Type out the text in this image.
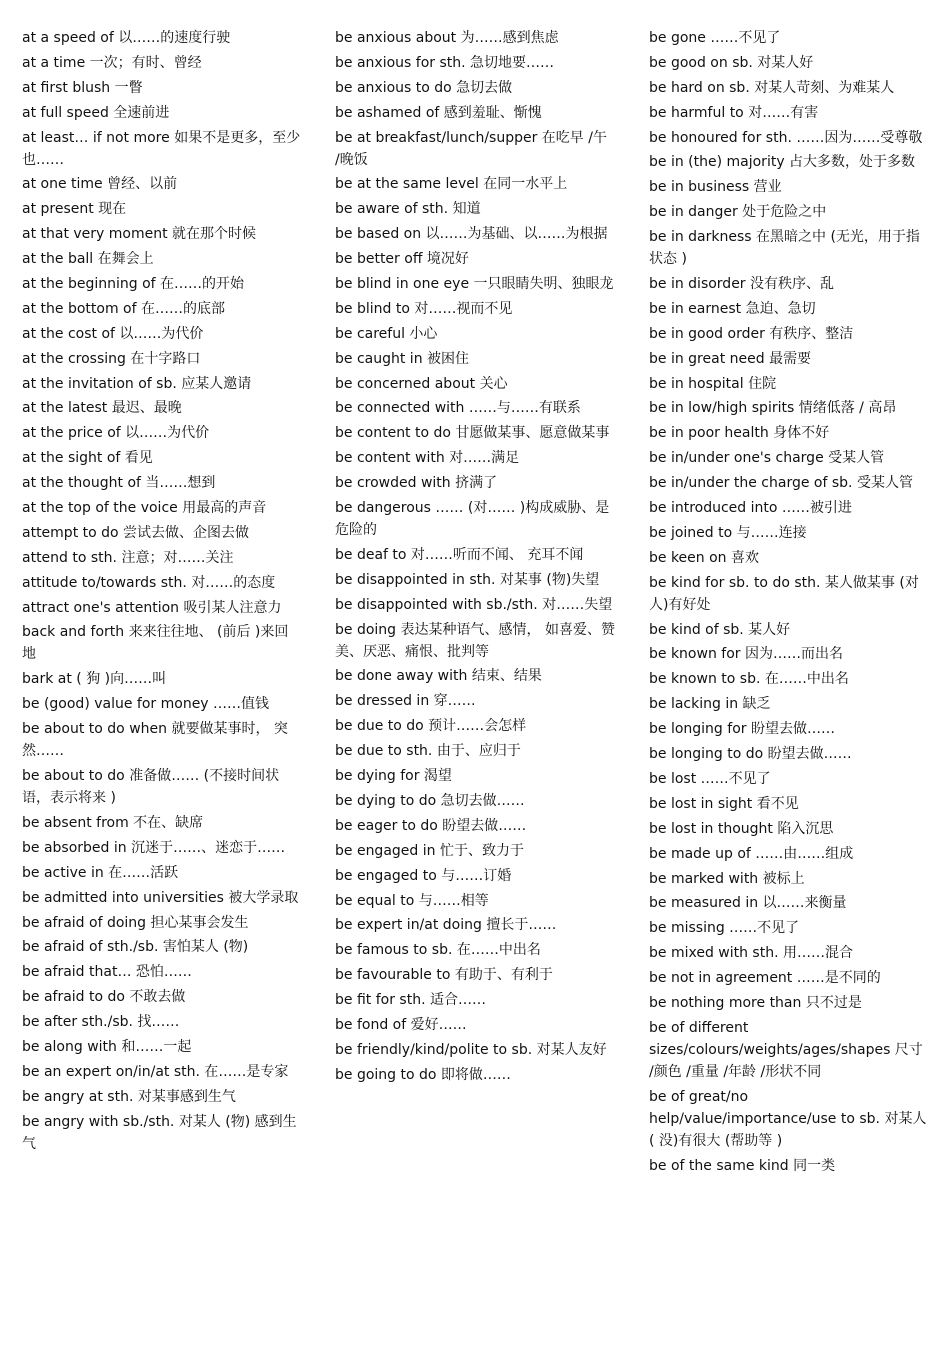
at a speed of 以……的速度行驶
at a time 一次；有时、曾经
at first blush 一瞥
at full speed 全速前进
at least… if not more 如果不是更多，至少也……
at one time 曾经、以前
at present 现在
at that very moment 就在那个时候
at the ball 在舞会上
at the beginning of 在……的开始
at the bottom of 在……的底部
at the cost of 以……为代价
at the crossing 在十字路口
at the invitation of sb. 应某人邀请
at the latest 最迟、最晚
at the price of 以……为代价
at the sight of 看见
at the thought of 当……想到
at the top of the voice 用最高的声音
attempt to do 尝试去做、企图去做
attend to sth. 注意；对……关注
attitude to/towards sth. 对……的态度
attract one's attention 吸引某人注意力
back and forth 来来往往地、 (前后 )来回地
bark at ( 狗 )向……叫
be (good) value for money ……值钱
be about to do when 就要做某事时， 突然……
be about to do 准备做…… (不接时间状语，表示将来 )
be absent from 不在、缺席
be absorbed in 沉迷于……、迷恋于……
be active in 在……活跃
be admitted into universities 被大学录取
be afraid of doing 担心某事会发生
be afraid of sth./sb. 害怕某人 (物)
be afraid that… 恐怕……
be afraid to do 不敢去做
be after sth./sb. 找……
be along with 和……一起
be an expert on/in/at sth. 在……是专家
be angry at sth. 对某事感到生气
be angry with sb./sth. 对某人 (物) 感到生气
be anxious about 为……感到焦虑
be anxious for sth. 急切地要……
be anxious to do 急切去做
be ashamed of 感到羞耻、惭愧
be at breakfast/lunch/supper 在吃早 /午 /晚饭
be at the same level 在同一水平上
be aware of sth. 知道
be based on 以……为基础、以……为根据
be better off 境况好
be blind in one eye 一只眼睛失明、独眼龙
be blind to 对……视而不见
be careful 小心
be caught in 被困住
be concerned about 关心
be connected with ……与……有联系
be content to do 甘愿做某事、愿意做某事
be content with 对……满足
be crowded with 挤满了
be dangerous …… (对…… )构成威胁、是危险的
be deaf to 对……听而不闻、 充耳不闻
be disappointed in sth. 对某事 (物)失望
be disappointed with sb./sth. 对……失望
be doing 表达某种语气、感情， 如喜爱、赞美、厌恶、痛恨、批判等
be done away with 结束、结果
be dressed in 穿……
be due to do 预计……会怎样
be due to sth. 由于、应归于
be dying for 渴望
be dying to do 急切去做……
be eager to do 盼望去做……
be engaged in 忙于、致力于
be engaged to 与……订婚
be equal to 与……相等
be expert in/at doing 擅长于……
be famous to sb. 在……中出名
be favourable to 有助于、有利于
be fit for sth. 适合……
be fond of 爱好……
be friendly/kind/polite to sb. 对某人友好
be going to do 即将做……
be gone ……不见了
be good on sb. 对某人好
be hard on sb. 对某人苛刻、为难某人
be harmful to 对……有害
be honoured for sth. ……因为……受尊敬
be in (the) majority 占大多数，处于多数
be in business 营业
be in danger 处于危险之中
be in darkness 在黑暗之中 (无光，用于指状态 )
be in disorder 没有秩序、乱
be in earnest 急迫、急切
be in good order 有秩序、整洁
be in great need 最需要
be in hospital 住院
be in low/high spirits 情绪低落 / 高昂
be in poor health 身体不好
be in/under one's charge 受某人管
be in/under the charge of sb. 受某人管
be introduced into ……被引进
be joined to 与……连接
be keen on 喜欢
be kind for sb. to do sth. 某人做某事 (对人)有好处
be kind of sb. 某人好
be known for 因为……而出名
be known to sb. 在……中出名
be lacking in 缺乏
be longing for 盼望去做……
be longing to do 盼望去做……
be lost ……不见了
be lost in sight 看不见
be lost in thought 陷入沉思
be made up of ……由……组成
be marked with 被标上
be measured in 以……来衡量
be missing ……不见了
be mixed with sth. 用……混合
be not in agreement ……是不同的
be nothing more than 只不过是
be of different sizes/colours/weights/ages/shapes 尺寸 /颜色 /重量 /年龄 /形状不同
be of great/no help/value/importance/use to sb. 对某人 ( 没)有很大 (帮助等 )
be of the same kind 同一类
